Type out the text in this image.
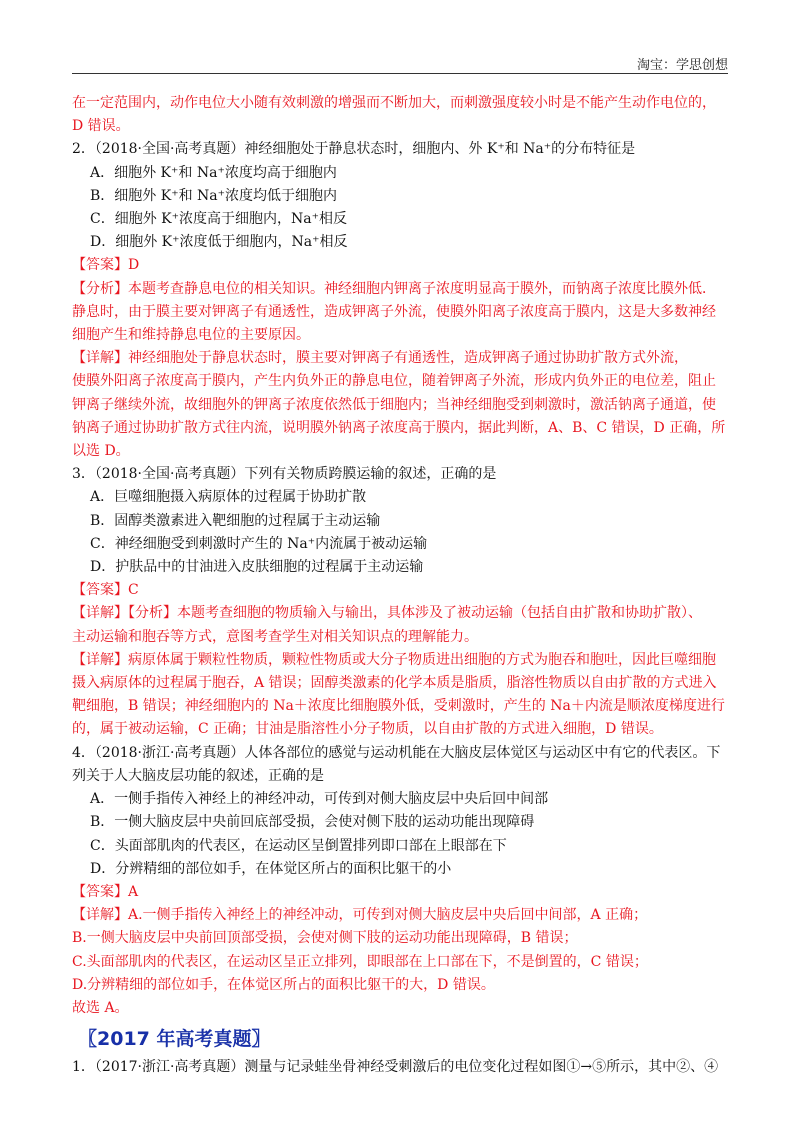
淘宝：学思创想

在一定范围内，动作电位大小随有效刺激的增强而不断加大，而刺激强度较小时是不能产生动作电位的，

D 错误。

2．（2018·全国·高考真题）神经细胞处于静息状态时，细胞内、外 K⁺和 Na⁺的分布特征是

A．细胞外 K⁺和 Na⁺浓度均高于细胞内

B．细胞外 K⁺和 Na⁺浓度均低于细胞内

C．细胞外 K⁺浓度高于细胞内，Na⁺相反

D．细胞外 K⁺浓度低于细胞内，Na⁺相反

【答案】D

【分析】本题考查静息电位的相关知识。神经细胞内钾离子浓度明显高于膜外，而钠离子浓度比膜外低．

静息时，由于膜主要对钾离子有通透性，造成钾离子外流，使膜外阳离子浓度高于膜内，这是大多数神经

细胞产生和维持静息电位的主要原因。

【详解】神经细胞处于静息状态时，膜主要对钾离子有通透性，造成钾离子通过协助扩散方式外流，

使膜外阳离子浓度高于膜内，产生内负外正的静息电位，随着钾离子外流，形成内负外正的电位差，阻止

钾离子继续外流，故细胞外的钾离子浓度依然低于细胞内；当神经细胞受到刺激时，激活钠离子通道，使

钠离子通过协助扩散方式往内流，说明膜外钠离子浓度高于膜内，据此判断，A、B、C 错误，D 正确，所

以选 D。

3．（2018·全国·高考真题）下列有关物质跨膜运输的叙述，正确的是

A．巨噬细胞摄入病原体的过程属于协助扩散

B．固醇类激素进入靶细胞的过程属于主动运输

C．神经细胞受到刺激时产生的 Na⁺内流属于被动运输

D．护肤品中的甘油进入皮肤细胞的过程属于主动运输

【答案】C

【详解】【分析】本题考查细胞的物质输入与输出，具体涉及了被动运输（包括自由扩散和协助扩散）、

主动运输和胞吞等方式，意图考查学生对相关知识点的理解能力。

【详解】病原体属于颗粒性物质，颗粒性物质或大分子物质进出细胞的方式为胞吞和胞吐，因此巨噬细胞

摄入病原体的过程属于胞吞，A 错误；固醇类激素的化学本质是脂质，脂溶性物质以自由扩散的方式进入

靶细胞，B 错误；神经细胞内的 Na＋浓度比细胞膜外低，受刺激时，产生的 Na＋内流是顺浓度梯度进行

的，属于被动运输，C 正确；甘油是脂溶性小分子物质，以自由扩散的方式进入细胞，D 错误。

4．（2018·浙江·高考真题）人体各部位的感觉与运动机能在大脑皮层体觉区与运动区中有它的代表区。下

列关于人大脑皮层功能的叙述，正确的是

A．一侧手指传入神经上的神经冲动，可传到对侧大脑皮层中央后回中间部

B．一侧大脑皮层中央前回底部受损，会使对侧下肢的运动功能出现障碍

C．头面部肌肉的代表区，在运动区呈倒置排列即口部在上眼部在下

D．分辨精细的部位如手，在体觉区所占的面积比躯干的小

【答案】A

【详解】A.一侧手指传入神经上的神经冲动，可传到对侧大脑皮层中央后回中间部，A 正确；

B.一侧大脑皮层中央前回顶部受损，会使对侧下肢的运动功能出现障碍，B 错误；

C.头面部肌肉的代表区，在运动区呈正立排列，即眼部在上口部在下，不是倒置的，C 错误；

D.分辨精细的部位如手，在体觉区所占的面积比躯干的大，D 错误。

故选 A。

〖2017 年高考真题〗

1．（2017·浙江·高考真题）测量与记录蛙坐骨神经受刺激后的电位变化过程如图①→⑤所示，其中②、④
